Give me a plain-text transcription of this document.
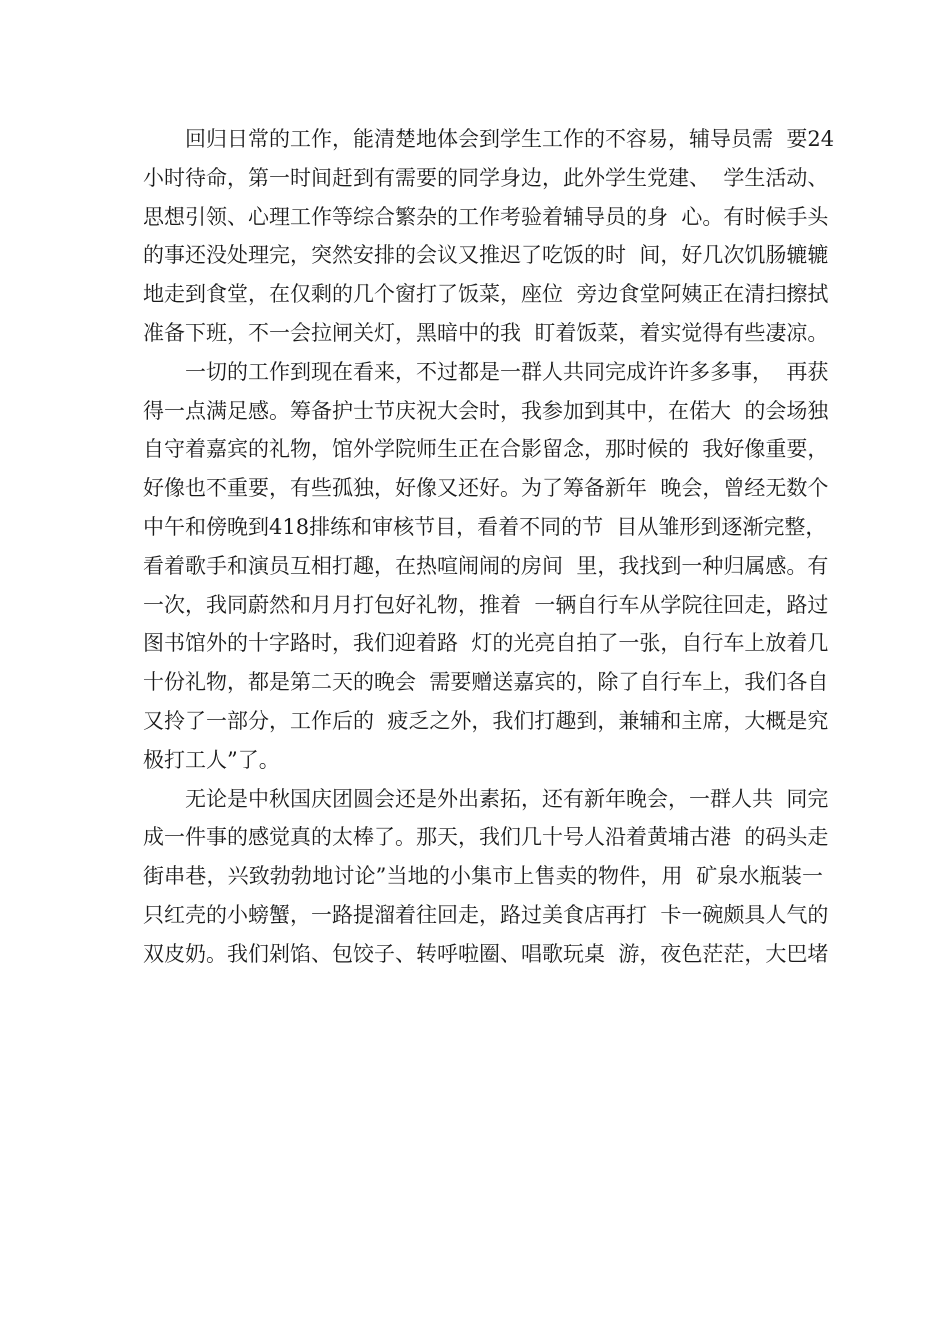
回归日常的工作，能清楚地体会到学生工作的不容易，辅导员需  要24
小时待命，第一时间赶到有需要的同学身边，此外学生党建、  学生活动、
思想引领、心理工作等综合繁杂的工作考验着辅导员的身  心。有时候手头
的事还没处理完，突然安排的会议又推迟了吃饭的时  间，好几次饥肠辘辘
地走到食堂，在仅剩的几个窗打了饭菜，座位  旁边食堂阿姨正在清扫擦拭
准备下班，不一会拉闸关灯，黑暗中的我  盯着饭菜，着实觉得有些凄凉。
一切的工作到现在看来，不过都是一群人共同完成许许多多事，  再获
得一点满足感。筹备护士节庆祝大会时，我参加到其中，在偌大  的会场独
自守着嘉宾的礼物，馆外学院师生正在合影留念，那时候的  我好像重要，
好像也不重要，有些孤独，好像又还好。为了筹备新年  晚会，曾经无数个
中午和傍晚到418排练和审核节目，看着不同的节  目从雏形到逐渐完整，
看着歌手和演员互相打趣，在热喧闹闹的房间  里，我找到一种归属感。有
一次，我同蔚然和月月打包好礼物，推着  一辆自行车从学院往回走，路过
图书馆外的十字路时，我们迎着路  灯的光亮自拍了一张，自行车上放着几
十份礼物，都是第二天的晚会  需要赠送嘉宾的，除了自行车上，我们各自
又拎了一部分，工作后的  疲乏之外，我们打趣到，兼辅和主席，大概是究
极打工人”了。
无论是中秋国庆团圆会还是外出素拓，还有新年晚会，一群人共  同完
成一件事的感觉真的太棒了。那天，我们几十号人沿着黄埔古港  的码头走
街串巷，兴致勃勃地讨论”当地的小集市上售卖的物件，用  矿泉水瓶装一
只红壳的小螃蟹，一路提溜着往回走，路过美食店再打  卡一碗颇具人气的
双皮奶。我们剁馅、包饺子、转呼啦圈、唱歌玩桌  游，夜色茫茫，大巴堵
